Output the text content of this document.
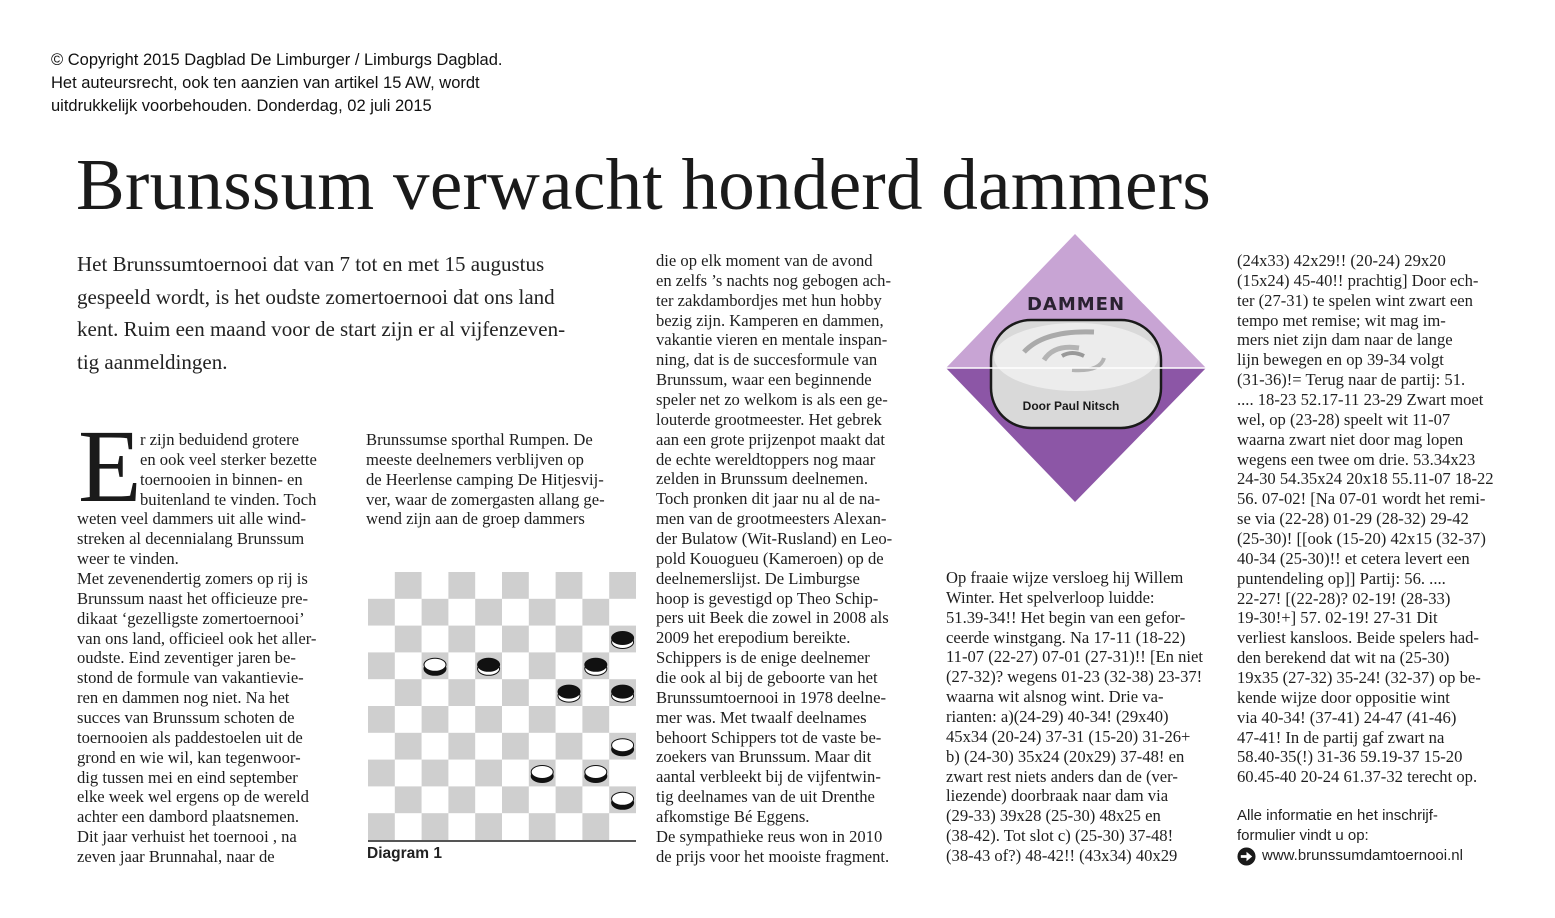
© Copyright 2015 Dagblad De Limburger / Limburgs Dagblad.
Het auteursrecht, ook ten aanzien van artikel 15 AW, wordt
uitdrukkelijk voorbehouden. Donderdag, 02 juli 2015
Brunssum verwacht honderd dammers
Het Brunssumtoernooi dat van 7 tot en met 15 augustus
gespeeld wordt, is het oudste zomertoernooi dat ons land
kent. Ruim een maand voor de start zijn er al vijfenzeven-
tig aanmeldingen.
E
r zijn beduidend grotere
en ook veel sterker bezette
toernooien in binnen- en
buitenland te vinden. Toch
weten veel dammers uit alle wind-
streken al decennialang Brunssum
weer te vinden.
Met zevenendertig zomers op rij is
Brunssum naast het officieuze pre-
dikaat ‘gezelligste zomertoernooi’
van ons land, officieel ook het aller-
oudste. Eind zeventiger jaren be-
stond de formule van vakantievie-
ren en dammen nog niet. Na het
succes van Brunssum schoten de
toernooien als paddestoelen uit de
grond en wie wil, kan tegenwoor-
dig tussen mei en eind september
elke week wel ergens op de wereld
achter een dambord plaatsnemen.
Dit jaar verhuist het toernooi , na
zeven jaar Brunnahal, naar de
Brunssumse sporthal Rumpen. De
meeste deelnemers verblijven op
de Heerlense camping De Hitjesvij-
ver, waar de zomergasten allang ge-
wend zijn aan de groep dammers
die op elk moment van de avond
en zelfs ’s nachts nog gebogen ach-
ter zakdambordjes met hun hobby
bezig zijn. Kamperen en dammen,
vakantie vieren en mentale inspan-
ning, dat is de succesformule van
Brunssum, waar een beginnende
speler net zo welkom is als een ge-
louterde grootmeester. Het gebrek
aan een grote prijzenpot maakt dat
de echte wereldtoppers nog maar
zelden in Brunssum deelnemen.
Toch pronken dit jaar nu al de na-
men van de grootmeesters Alexan-
der Bulatow (Wit-Rusland) en Leo-
pold Kouogueu (Kameroen) op de
deelnemerslijst. De Limburgse
hoop is gevestigd op Theo Schip-
pers uit Beek die zowel in 2008 als
2009 het erepodium bereikte.
Schippers is de enige deelnemer
die ook al bij de geboorte van het
Brunssumtoernooi in 1978 deelne-
mer was. Met twaalf deelnames
behoort Schippers tot de vaste be-
zoekers van Brunssum. Maar dit
aantal verbleekt bij de vijfentwin-
tig deelnames van de uit Drenthe
afkomstige Bé Eggens.
De sympathieke reus won in 2010
de prijs voor het mooiste fragment.
Op fraaie wijze versloeg hij Willem
Winter. Het spelverloop luidde:
51.39-34!! Het begin van een gefor-
ceerde winstgang. Na 17-11 (18-22)
11-07 (22-27) 07-01 (27-31)!! [En niet
(27-32)? wegens 01-23 (32-38) 23-37!
waarna wit alsnog wint. Drie va-
rianten: a)(24-29) 40-34! (29x40)
45x34 (20-24) 37-31 (15-20) 31-26+
b) (24-30) 35x24 (20x29) 37-48! en
zwart rest niets anders dan de (ver-
liezende) doorbraak naar dam via
(29-33) 39x28 (25-30) 48x25 en
(38-42). Tot slot c) (25-30) 37-48!
(38-43 of?) 48-42!! (43x34) 40x29
(24x33) 42x29!! (20-24) 29x20
(15x24) 45-40!! prachtig] Door ech-
ter (27-31) te spelen wint zwart een
tempo met remise; wit mag im-
mers niet zijn dam naar de lange
lijn bewegen en op 39-34 volgt
(31-36)!= Terug naar de partij: 51.
.... 18-23 52.17-11 23-29 Zwart moet
wel, op (23-28) speelt wit 11-07
waarna zwart niet door mag lopen
wegens een twee om drie. 53.34x23
24-30 54.35x24 20x18 55.11-07 18-22
56. 07-02! [Na 07-01 wordt het remi-
se via (22-28) 01-29 (28-32) 29-42
(25-30)! [[ook (15-20) 42x15 (32-37)
40-34 (25-30)!! et cetera levert een
puntendeling op]] Partij: 56. ....
22-27! [(22-28)? 02-19! (28-33)
19-30!+] 57. 02-19! 27-31 Dit
verliest kansloos. Beide spelers had-
den berekend dat wit na (25-30)
19x35 (27-32) 35-24! (32-37) op be-
kende wijze door oppositie wint
via 40-34! (37-41) 24-47 (41-46)
47-41! In de partij gaf zwart na
58.40-35(!) 31-36 59.19-37 15-20
60.45-40 20-24 61.37-32 terecht op.
Diagram 1
DAMMEN
Door Paul Nitsch
Alle informatie en het inschrijf-
formulier vindt u op:
www.brunssumdamtoernooi.nl
